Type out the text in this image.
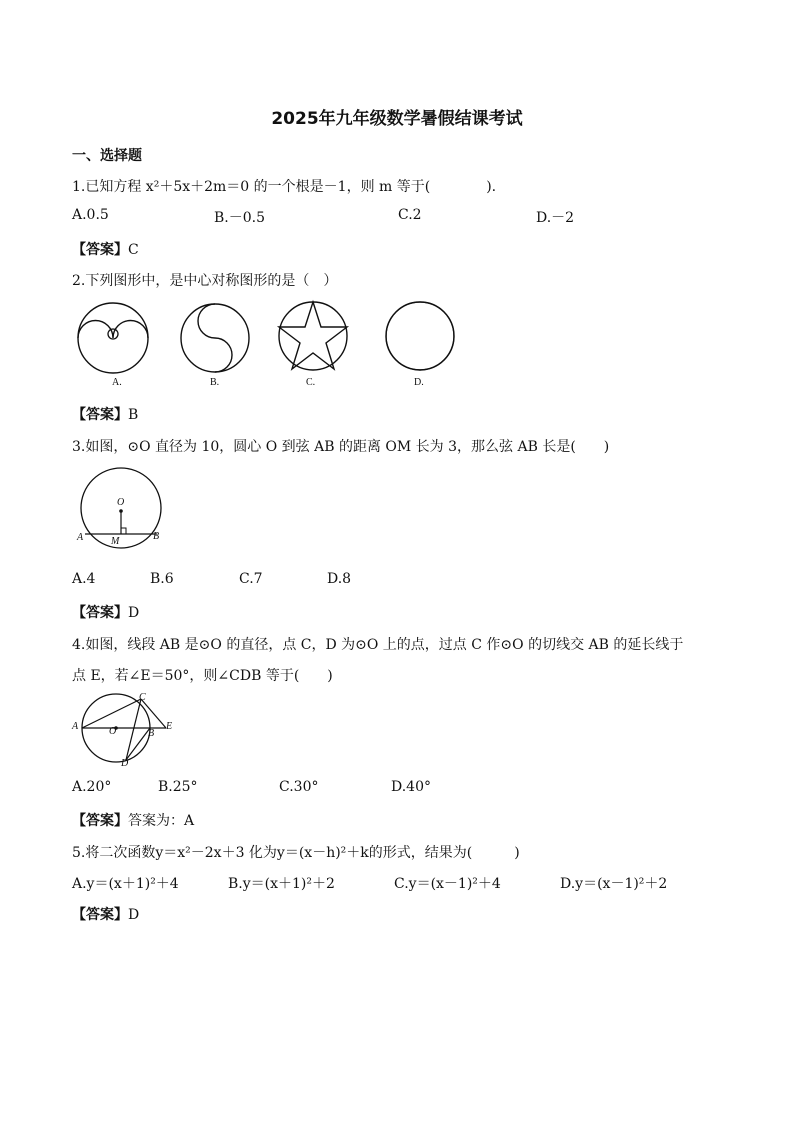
2025年九年级数学暑假结课考试
一、选择题
1.已知方程 x²＋5x＋2m＝0 的一个根是－1，则 m 等于(　　　　).
A.0.5	B.－0.5	C.2	D.－2
【答案】C
2.下列图形中，是中心对称图形的是（　）
A.	B.	C.	D.
【答案】B
3.如图，⊙O 直径为 10，圆心 O 到弦 AB 的距离 OM 长为 3，那么弦 AB 长是(　　)
O
A	M	B
A.4	B.6	C.7	D.8
【答案】D
4.如图，线段 AB 是⊙O 的直径，点 C，D 为⊙O 上的点，过点 C 作⊙O 的切线交 AB 的延长线于
点 E，若∠E＝50°，则∠CDB 等于(　　)
A	O
C
B
E
D
A.20°	B.25°	C.30°	D.40°
【答案】答案为：A
5.将二次函数y＝x²－2x＋3 化为y＝(x－h)²＋k的形式，结果为(　　　)
A.y＝(x＋1)²＋4	B.y＝(x＋1)²＋2	C.y＝(x－1)²＋4	D.y＝(x－1)²＋2
【答案】D
